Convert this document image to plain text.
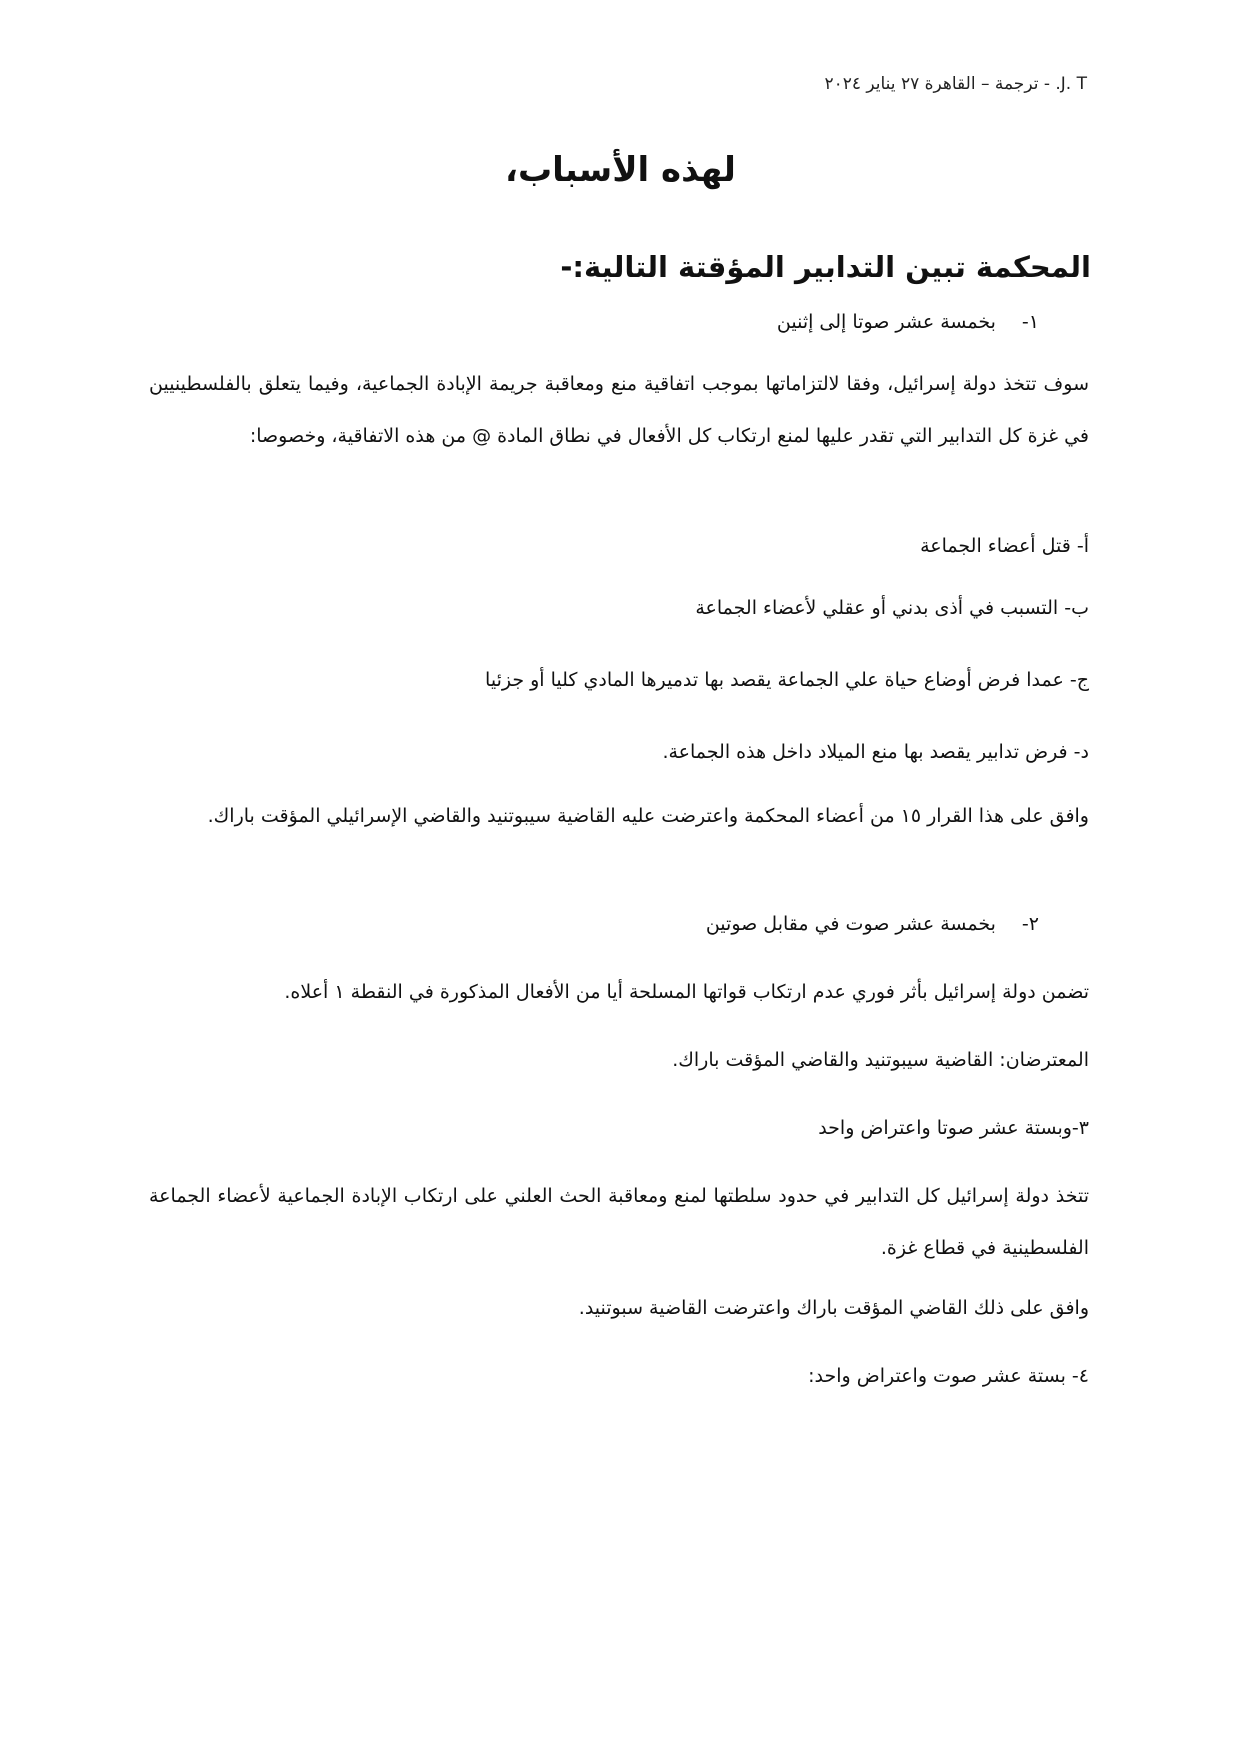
J. T. - ترجمة – القاهرة ٢٧ يناير ٢٠٢٤
لهذه الأسباب،
المحكمة تبين التدابير المؤقتة التالية:-
١-بخمسة عشر صوتا إلى إثنين
سوف تتخذ دولة إسرائيل، وفقا لالتزاماتها بموجب اتفاقية منع ومعاقبة جريمة الإبادة الجماعية، وفيما يتعلق بالفلسطينيين في غزة كل التدابير التي تقدر عليها لمنع ارتكاب كل الأفعال في نطاق المادة @ من هذه الاتفاقية، وخصوصا:
أ- قتل أعضاء الجماعة
ب- التسبب في أذى بدني أو عقلي لأعضاء الجماعة
ج- عمدا فرض أوضاع حياة علي الجماعة يقصد بها تدميرها المادي كليا أو جزئيا
د- فرض تدابير يقصد بها منع الميلاد داخل هذه الجماعة.
وافق على هذا القرار ١٥ من أعضاء المحكمة واعترضت عليه القاضية سيبوتنيد والقاضي الإسرائيلي المؤقت باراك.
٢-بخمسة عشر صوت في مقابل صوتين
تضمن دولة إسرائيل بأثر فوري عدم ارتكاب قواتها المسلحة أيا من الأفعال المذكورة في النقطة ١ أعلاه.
المعترضان: القاضية سيبوتنيد والقاضي المؤقت باراك.
٣-وبستة عشر صوتا واعتراض واحد
تتخذ دولة إسرائيل كل التدابير في حدود سلطتها لمنع ومعاقبة الحث العلني على ارتكاب الإبادة الجماعية لأعضاء الجماعة الفلسطينية في قطاع غزة.
وافق على ذلك القاضي المؤقت باراك واعترضت القاضية سبوتنيد.
٤- بستة عشر صوت واعتراض واحد:
